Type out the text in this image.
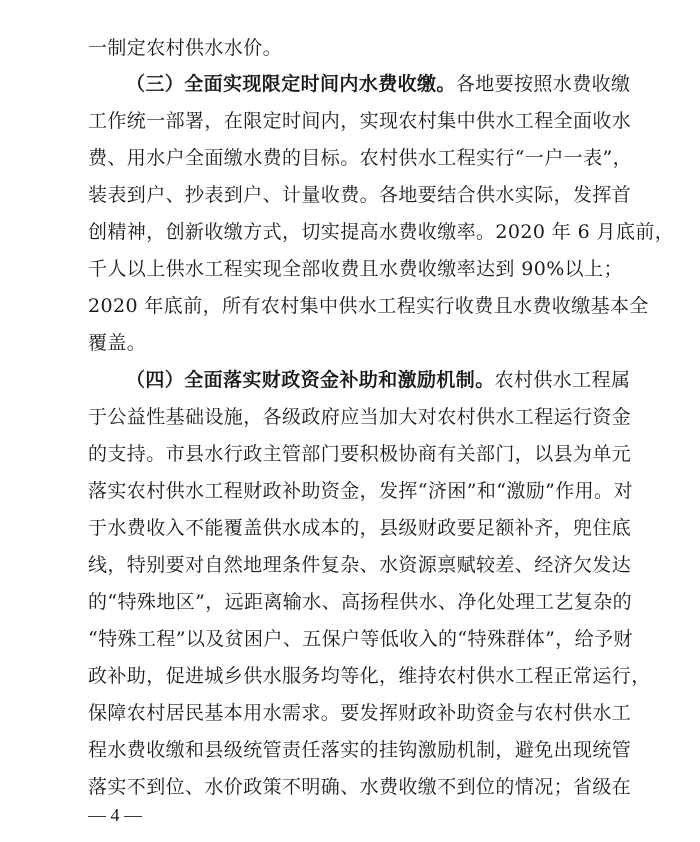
一制定农村供水水价。
（三）全面实现限定时间内水费收缴。各地要按照水费收缴
工作统一部署，在限定时间内，实现农村集中供水工程全面收水
费、用水户全面缴水费的目标。农村供水工程实行“一户一表”，
装表到户、抄表到户、计量收费。各地要结合供水实际，发挥首
创精神，创新收缴方式，切实提高水费收缴率。2020 年 6 月底前，
千人以上供水工程实现全部收费且水费收缴率达到 90%以上；
2020 年底前，所有农村集中供水工程实行收费且水费收缴基本全
覆盖。
（四）全面落实财政资金补助和激励机制。农村供水工程属
于公益性基础设施，各级政府应当加大对农村供水工程运行资金
的支持。市县水行政主管部门要积极协商有关部门，以县为单元
落实农村供水工程财政补助资金，发挥“济困”和“激励”作用。对
于水费收入不能覆盖供水成本的，县级财政要足额补齐，兜住底
线，特别要对自然地理条件复杂、水资源禀赋较差、经济欠发达
的“特殊地区”，远距离输水、高扬程供水、净化处理工艺复杂的
“特殊工程”以及贫困户、五保户等低收入的“特殊群体”，给予财
政补助，促进城乡供水服务均等化，维持农村供水工程正常运行，
保障农村居民基本用水需求。要发挥财政补助资金与农村供水工
程水费收缴和县级统管责任落实的挂钩激励机制，避免出现统管
落实不到位、水价政策不明确、水费收缴不到位的情况；省级在
— 4 —
